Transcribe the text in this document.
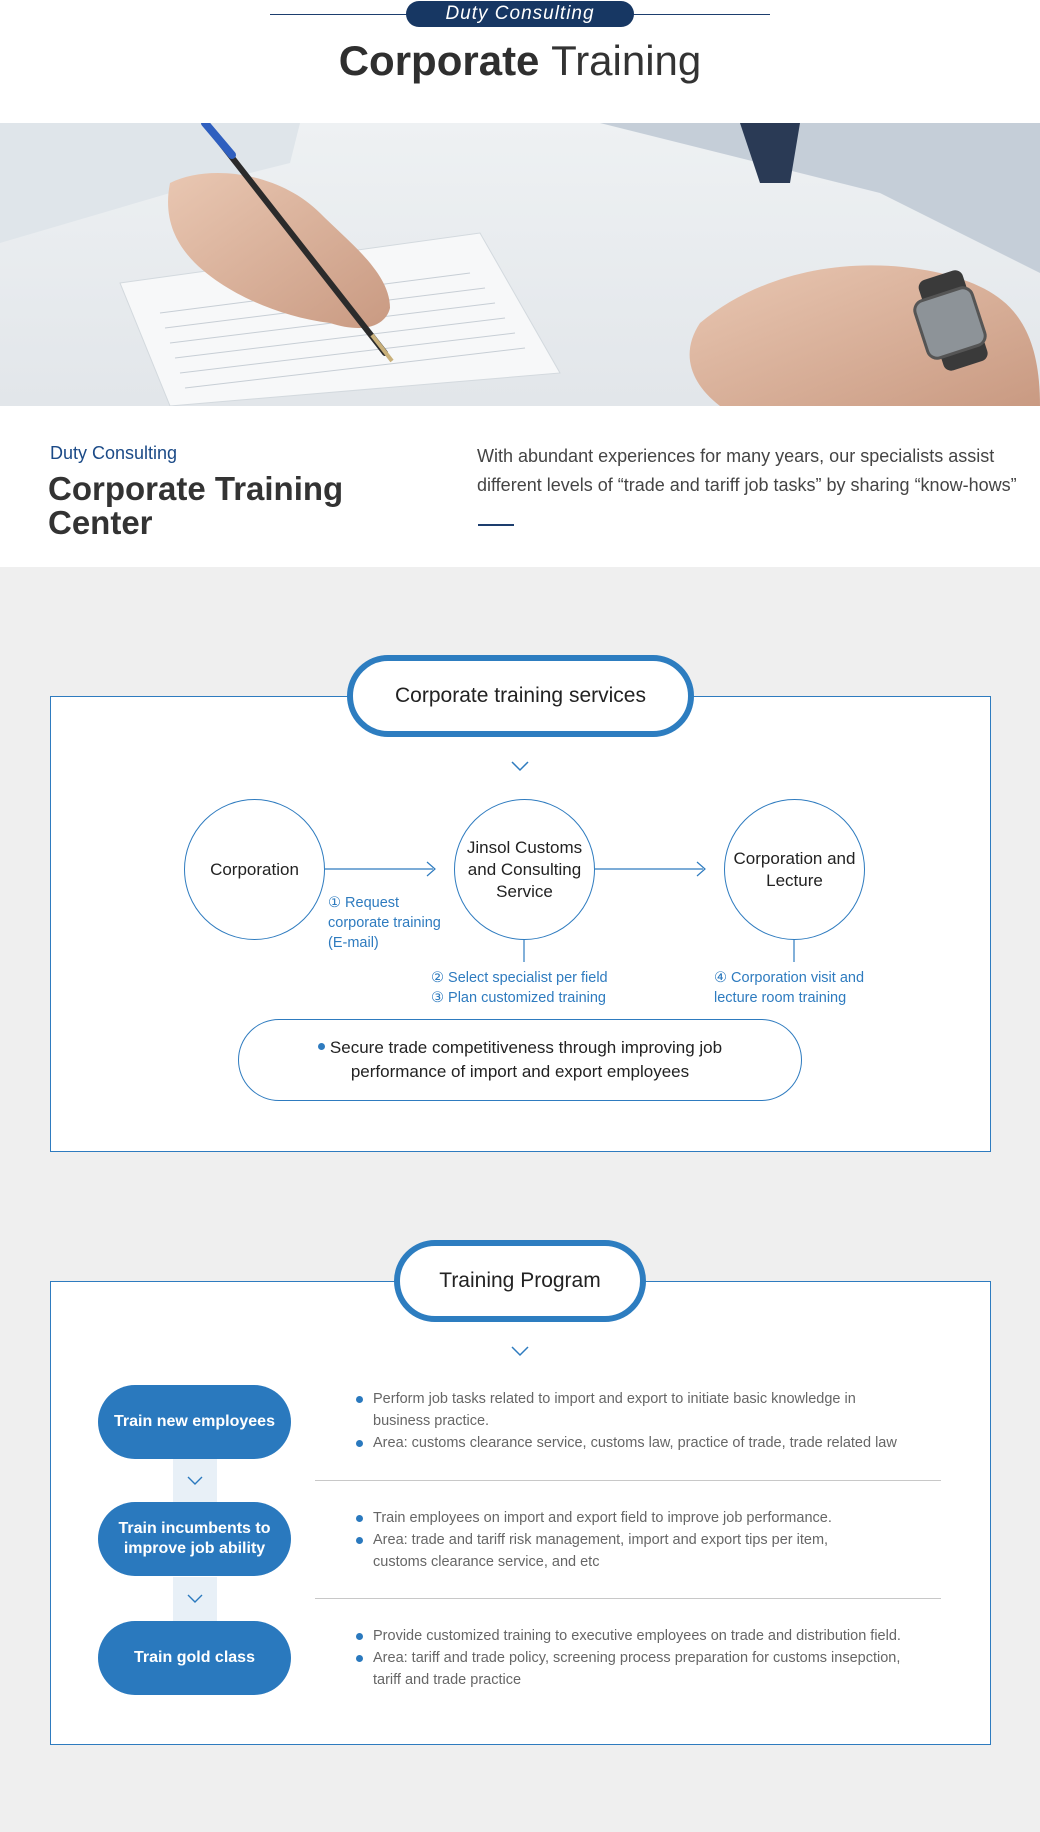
Duty Consulting
Corporate Training
Duty Consulting
Corporate Training Center

With abundant experiences for many years, our specialists assist different levels of “trade and tariff job tasks” by sharing “know-hows”

Corporate training services
Corporation
Jinsol Customs and Consulting Service
Corporation and Lecture
① Request
corporate training
(E-mail)
② Select specialist per field
③ Plan customized training
④ Corporation visit and
lecture room training
Secure trade competitiveness through improving job performance of import and export employees
Training Program
Train new employees
Train incumbents to improve job ability
Train gold class
Perform job tasks related to import and export to initiate basic knowledge in business practice.
Area: customs clearance service, customs law, practice of trade, trade related law
Train employees on import and export field to improve job performance.
Area: trade and tariff risk management, import and export tips per item, customs clearance service, and etc
Provide customized training to executive employees on trade and distribution field.
Area: tariff and trade policy, screening process preparation for customs insepction, tariff and trade practice
